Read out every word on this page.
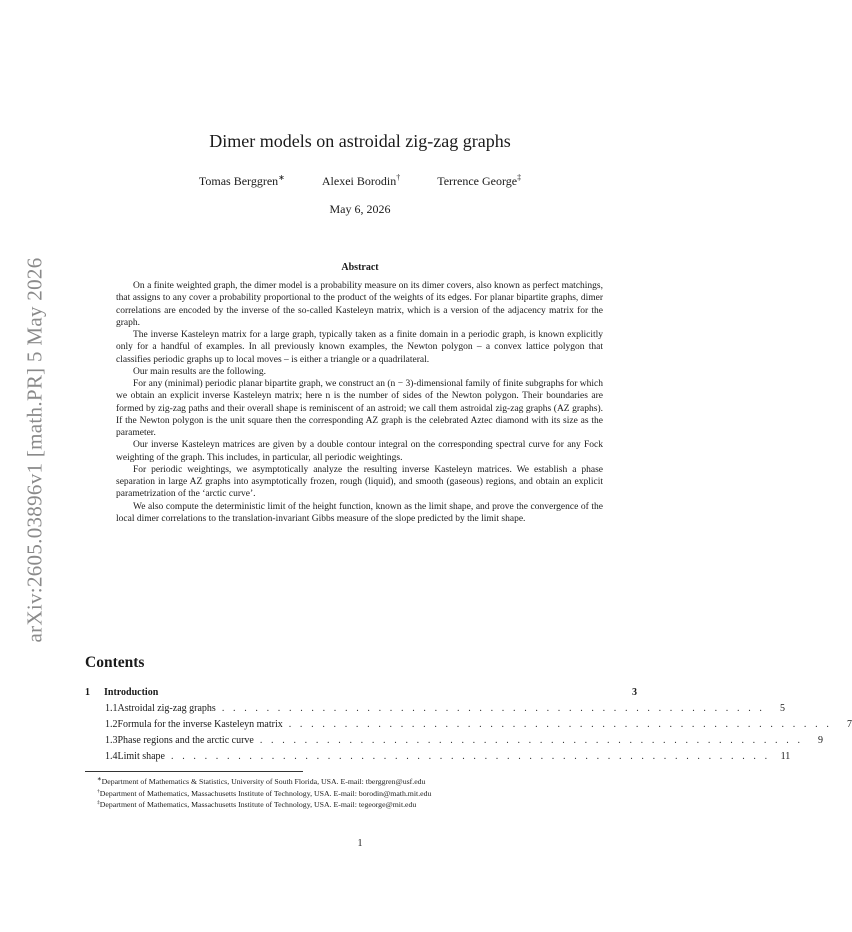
arXiv:2605.03896v1 [math.PR] 5 May 2026
Dimer models on astroidal zig-zag graphs
Tomas Berggren∗	Alexei Borodin†	Terrence George‡
May 6, 2026
Abstract

On a finite weighted graph, the dimer model is a probability measure on its dimer covers, also known as perfect matchings, that assigns to any cover a probability proportional to the product of the weights of its edges. For planar bipartite graphs, dimer correlations are encoded by the inverse of the so-called Kasteleyn matrix, which is a version of the adjacency matrix for the graph.

The inverse Kasteleyn matrix for a large graph, typically taken as a finite domain in a periodic graph, is known explicitly only for a handful of examples. In all previously known examples, the Newton polygon – a convex lattice polygon that classifies periodic graphs up to local moves – is either a triangle or a quadrilateral.

Our main results are the following.

For any (minimal) periodic planar bipartite graph, we construct an (n − 3)-dimensional family of finite subgraphs for which we obtain an explicit inverse Kasteleyn matrix; here n is the number of sides of the Newton polygon. Their boundaries are formed by zig-zag paths and their overall shape is reminiscent of an astroid; we call them astroidal zig-zag graphs (AZ graphs). If the Newton polygon is the unit square then the corresponding AZ graph is the celebrated Aztec diamond with its size as the parameter.

Our inverse Kasteleyn matrices are given by a double contour integral on the corresponding spectral curve for any Fock weighting of the graph. This includes, in particular, all periodic weightings.

For periodic weightings, we asymptotically analyze the resulting inverse Kasteleyn matrices. We establish a phase separation in large AZ graphs into asymptotically frozen, rough (liquid), and smooth (gaseous) regions, and obtain an explicit parametrization of the ‘arctic curve’.

We also compute the deterministic limit of the height function, known as the limit shape, and prove the convergence of the local dimer correlations to the translation-invariant Gibbs measure of the slope predicted by the limit shape.

Contents
1	Introduction	3
1.1 Astroidal zig-zag graphs . . . . . . . . . . . . . . . . . . . . . . . . . . . . . . . . . . . . . . . . . . . . . . . . .	5
1.2 Formula for the inverse Kasteleyn matrix . . . . . . . . . . . . . . . . . . . . . . . . . . . . . . . . . . . . . . . . . . . . . . . . .	7
1.3 Phase regions and the arctic curve . . . . . . . . . . . . . . . . . . . . . . . . . . . . . . . . . . . . . . . . . . . . . . . . .	9
1.4 Limit shape . . . . . . . . . . . . . . . . . . . . . . . . . . . . . . . . . . . . . . . . . . . . . . . . . . . . . .	11
∗Department of Mathematics & Statistics, University of South Florida, USA. E-mail: tberggren@usf.edu
†Department of Mathematics, Massachusetts Institute of Technology, USA. E-mail: borodin@math.mit.edu
‡Department of Mathematics, Massachusetts Institute of Technology, USA. E-mail: tegeorge@mit.edu
1
